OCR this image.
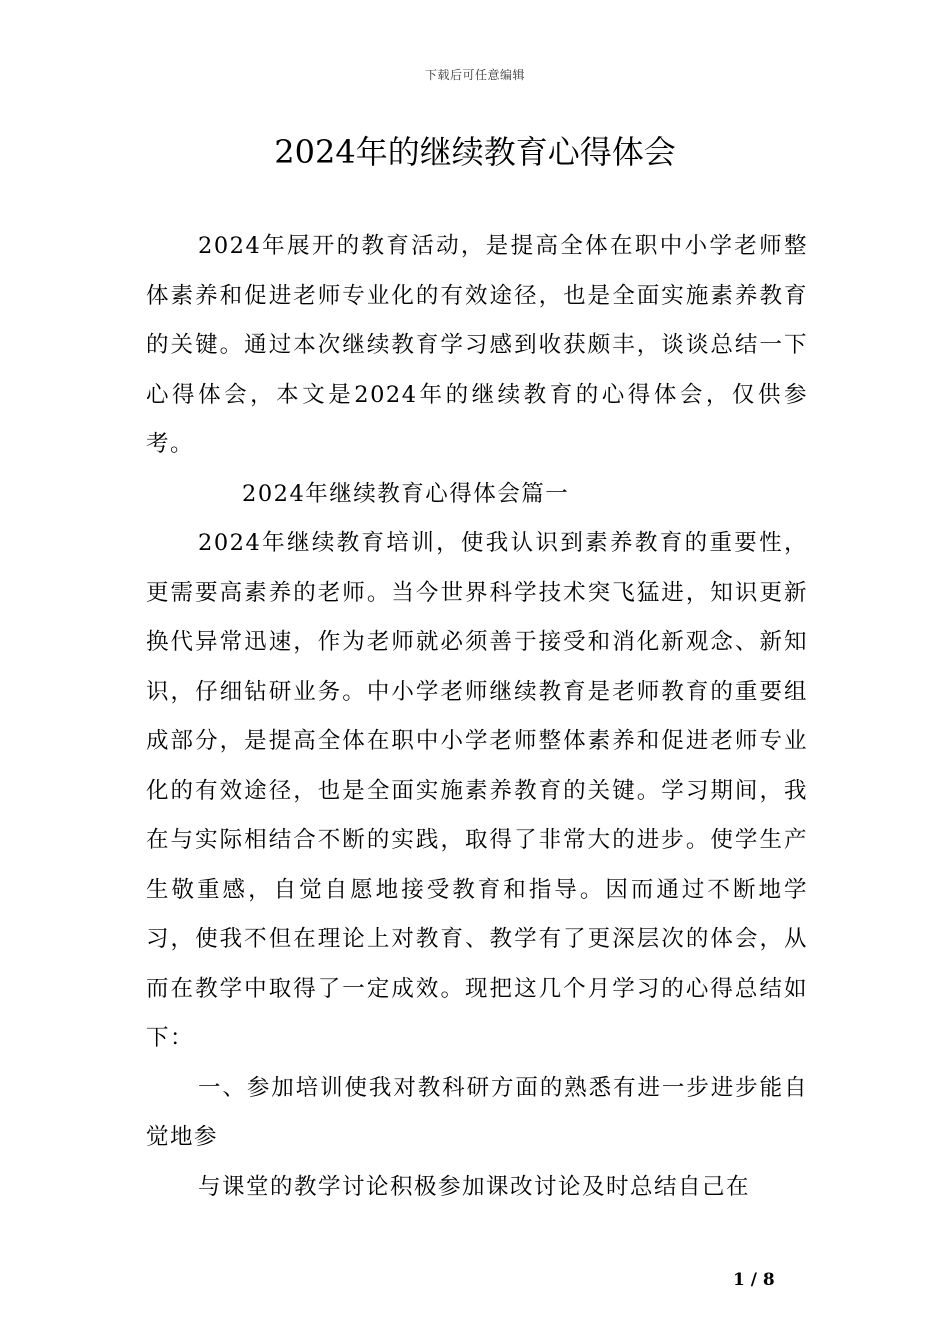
下载后可任意编辑
2024年的继续教育心得体会

2024年展开的教育活动，是提高全体在职中小学老师整体素养和促进老师专业化的有效途径，也是全面实施素养教育的关键。通过本次继续教育学习感到收获颇丰，谈谈总结一下心得体会，本文是2024年的继续教育的心得体会，仅供参考。

2024年继续教育心得体会篇一

2024年继续教育培训，使我认识到素养教育的重要性，更需要高素养的老师。当今世界科学技术突飞猛进，知识更新换代异常迅速，作为老师就必须善于接受和消化新观念、新知识，仔细钻研业务。中小学老师继续教育是老师教育的重要组成部分，是提高全体在职中小学老师整体素养和促进老师专业化的有效途径，也是全面实施素养教育的关键。学习期间，我在与实际相结合不断的实践，取得了非常大的进步。使学生产生敬重感，自觉自愿地接受教育和指导。因而通过不断地学习，使我不但在理论上对教育、教学有了更深层次的体会，从而在教学中取得了一定成效。现把这几个月学习的心得总结如下：

一、参加培训使我对教科研方面的熟悉有进一步进步能自觉地参

与课堂的教学讨论积极参加课改讨论及时总结自己在

1 / 8
